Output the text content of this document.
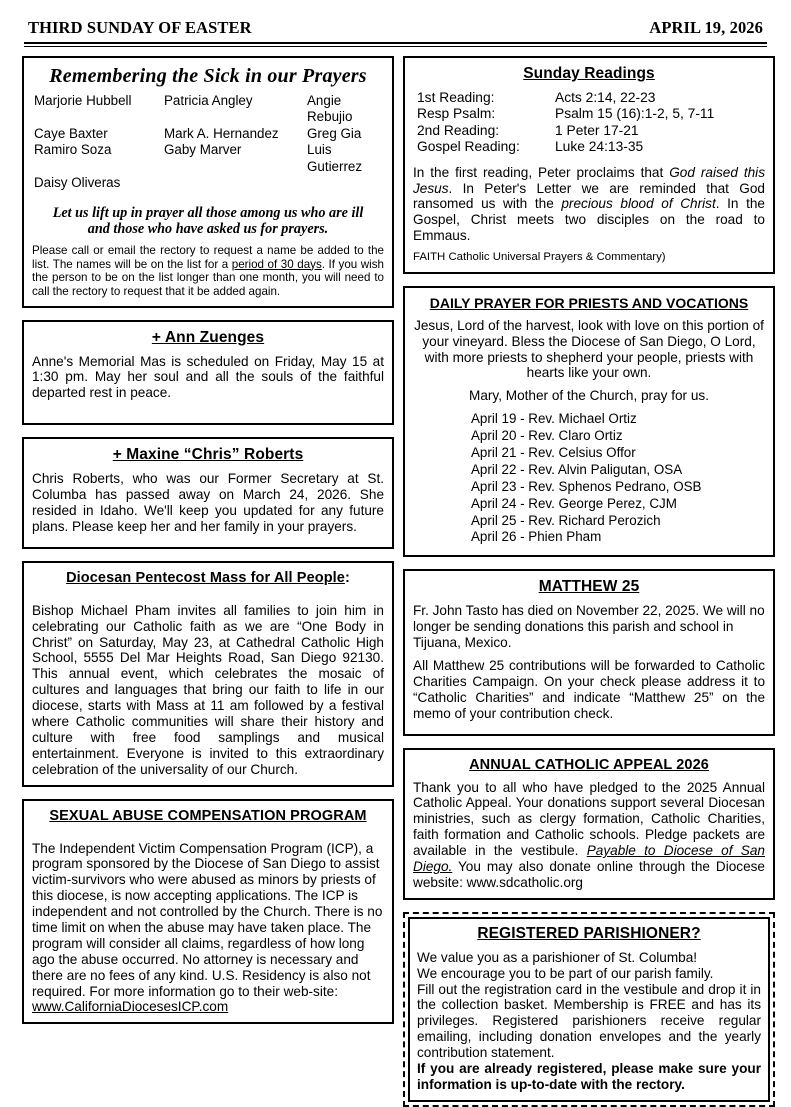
THIRD SUNDAY OF EASTER	APRIL 19, 2026
Remembering the Sick in our Prayers
Marjorie Hubbell	Patricia Angley	Angie Rebujio
Caye Baxter	Mark A. Hernandez	Greg Gia
Ramiro Soza	Gaby Marver	Luis Gutierrez
Daisy Oliveras
Let us lift up in prayer all those among us who are ill
and those who have asked us for prayers.

Please call or email the rectory to request a name be added to the list. The names will be on the list for a period of 30 days. If you wish the person to be on the list longer than one month, you will need to call the rectory to request that it be added again.

+ Ann Zuenges

Anne's Memorial Mas is scheduled on Friday, May 15 at 1:30 pm. May her soul and all the souls of the faithful departed rest in peace.

+ Maxine “Chris” Roberts

Chris Roberts, who was our Former Secretary at St. Columba has passed away on March 24, 2026. She resided in Idaho. We'll keep you updated for any future plans. Please keep her and her family in your prayers.

Diocesan Pentecost Mass for All People:

Bishop Michael Pham invites all families to join him in celebrating our Catholic faith as we are “One Body in Christ” on Saturday, May 23, at Cathedral Catholic High School, 5555 Del Mar Heights Road, San Diego 92130. This annual event, which celebrates the mosaic of cultures and languages that bring our faith to life in our diocese, starts with Mass at 11 am followed by a festival where Catholic communities will share their history and culture with free food samplings and musical entertainment. Everyone is invited to this extraordinary celebration of the universality of our Church.

SEXUAL ABUSE COMPENSATION PROGRAM

The Independent Victim Compensation Program (ICP), a program sponsored by the Diocese of San Diego to assist victim-survivors who were abused as minors by priests of this diocese, is now accepting applications. The ICP is independent and not controlled by the Church. There is no time limit on when the abuse may have taken place. The program will consider all claims, regardless of how long ago the abuse occurred. No attorney is necessary and there are no fees of any kind. U.S. Residency is also not required. For more information go to their web-site: www.CaliforniaDiocesesICP.com

Sunday Readings
1st Reading:	Acts 2:14, 22-23
Resp Psalm:	Psalm 15 (16):1-2, 5, 7-11
2nd Reading:	1 Peter 17-21
Gospel Reading:	Luke 24:13-35

In the first reading, Peter proclaims that God raised this Jesus. In Peter's Letter we are reminded that God ransomed us with the precious blood of Christ. In the Gospel, Christ meets two disciples on the road to Emmaus.

FAITH Catholic Universal Prayers & Commentary)

DAILY PRAYER FOR PRIESTS AND VOCATIONS

Jesus, Lord of the harvest, look with love on this portion of your vineyard. Bless the Diocese of San Diego, O Lord, with more priests to shepherd your people, priests with hearts like your own.

Mary, Mother of the Church, pray for us.

April 19 - Rev. Michael Ortiz
April 20 - Rev. Claro Ortiz
April 21 - Rev. Celsius Offor
April 22 - Rev. Alvin Paligutan, OSA
April 23 - Rev. Sphenos Pedrano, OSB
April 24 - Rev. George Perez, CJM
April 25 - Rev. Richard Perozich
April 26 - Phien Pham
MATTHEW 25

Fr. John Tasto has died on November 22, 2025. We will no longer be sending donations this parish and school in Tijuana, Mexico.

All Matthew 25 contributions will be forwarded to Catholic Charities Campaign. On your check please address it to “Catholic Charities” and indicate “Matthew 25” on the memo of your contribution check.

ANNUAL CATHOLIC APPEAL 2026

Thank you to all who have pledged to the 2025 Annual Catholic Appeal. Your donations support several Diocesan ministries, such as clergy formation, Catholic Charities, faith formation and Catholic schools. Pledge packets are available in the vestibule. Payable to Diocese of San Diego. You may also donate online through the Diocese website: www.sdcatholic.org

REGISTERED PARISHIONER?

We value you as a parishioner of St. Columba!

We encourage you to be part of our parish family.

Fill out the registration card in the vestibule and drop it in the collection basket. Membership is FREE and has its privileges. Registered parishioners receive regular emailing, including donation envelopes and the yearly contribution statement.

If you are already registered, please make sure your information is up-to-date with the rectory.
